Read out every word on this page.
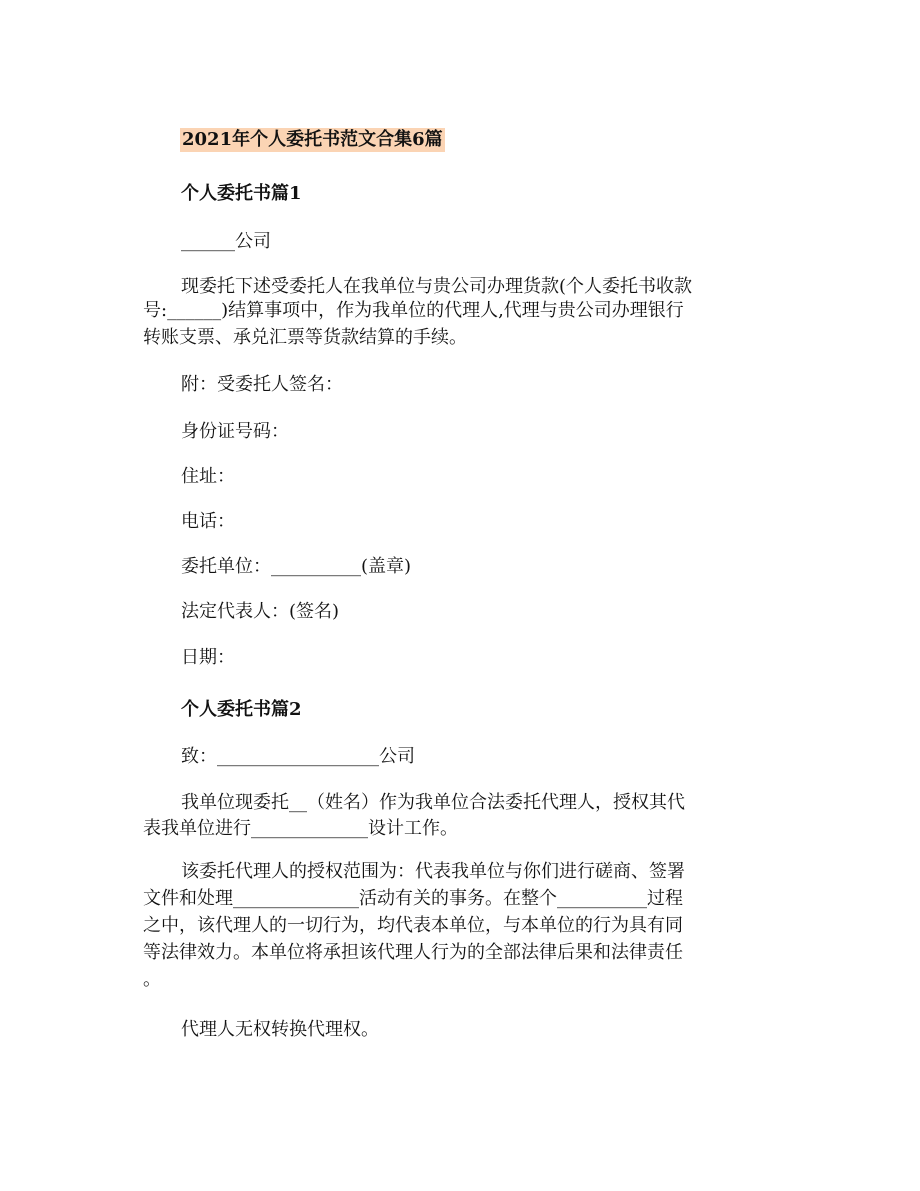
2021年个人委托书范文合集6篇
个人委托书篇1
______公司
现委托下述受委托人在我单位与贵公司办理货款(个人委托书收款
号:______)结算事项中，作为我单位的代理人,代理与贵公司办理银行
转账支票、承兑汇票等货款结算的手续。
附：受委托人签名：
身份证号码：
住址：
电话：
委托单位：__________(盖章)
法定代表人：(签名)
日期：
个人委托书篇2
致：__________________公司
我单位现委托__（姓名）作为我单位合法委托代理人，授权其代
表我单位进行_____________设计工作。
该委托代理人的授权范围为：代表我单位与你们进行磋商、签署
文件和处理______________活动有关的事务。在整个__________过程
之中，该代理人的一切行为，均代表本单位，与本单位的行为具有同
等法律效力。本单位将承担该代理人行为的全部法律后果和法律责任
。
代理人无权转换代理权。
